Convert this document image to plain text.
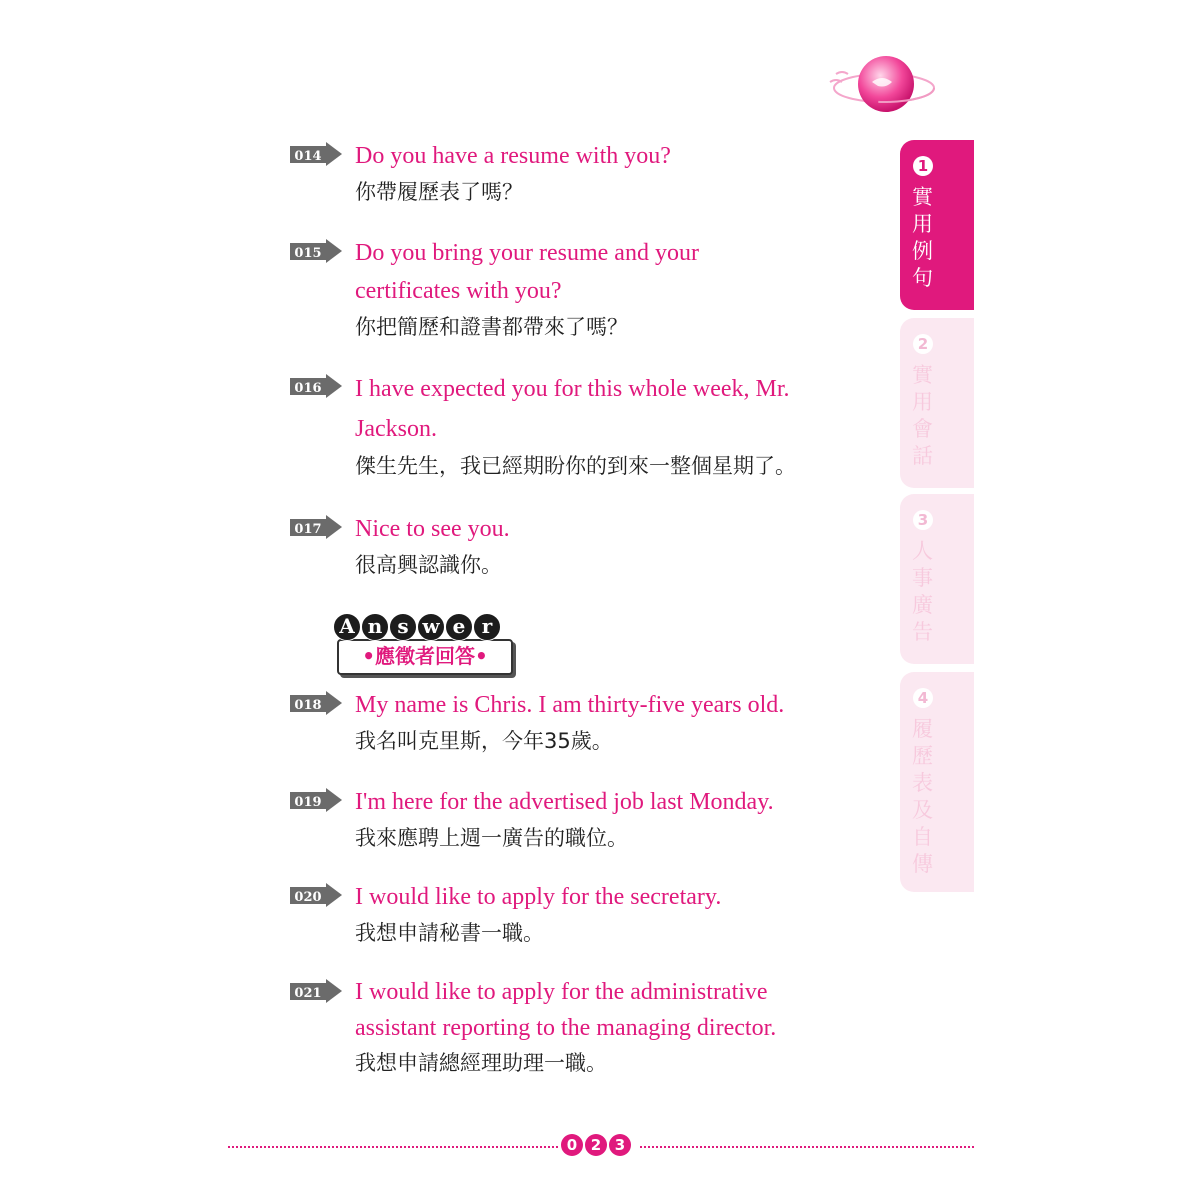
014 Do you have a resume with you?
你帶履歷表了嗎？
015 Do you bring your resume and your
certificates with you?
你把簡歷和證書都帶來了嗎？
016 I have expected you for this whole week, Mr.
Jackson.
傑生先生，我已經期盼你的到來一整個星期了。
017 Nice to see you.
很高興認識你。
•應徵者回答•
A n s w e r
018 My name is Chris. I am thirty-five years old.
我名叫克里斯，今年35歲。
019 I'm here for the advertised job last Monday.
我來應聘上週一廣告的職位。
020 I would like to apply for the secretary.
我想申請秘書一職。
021 I would like to apply for the administrative
assistant reporting to the managing director.
我想申請總經理助理一職。
1
實用例句
2
實用會話
3
人事廣告
4
履歷表及自傳
0 2 3
